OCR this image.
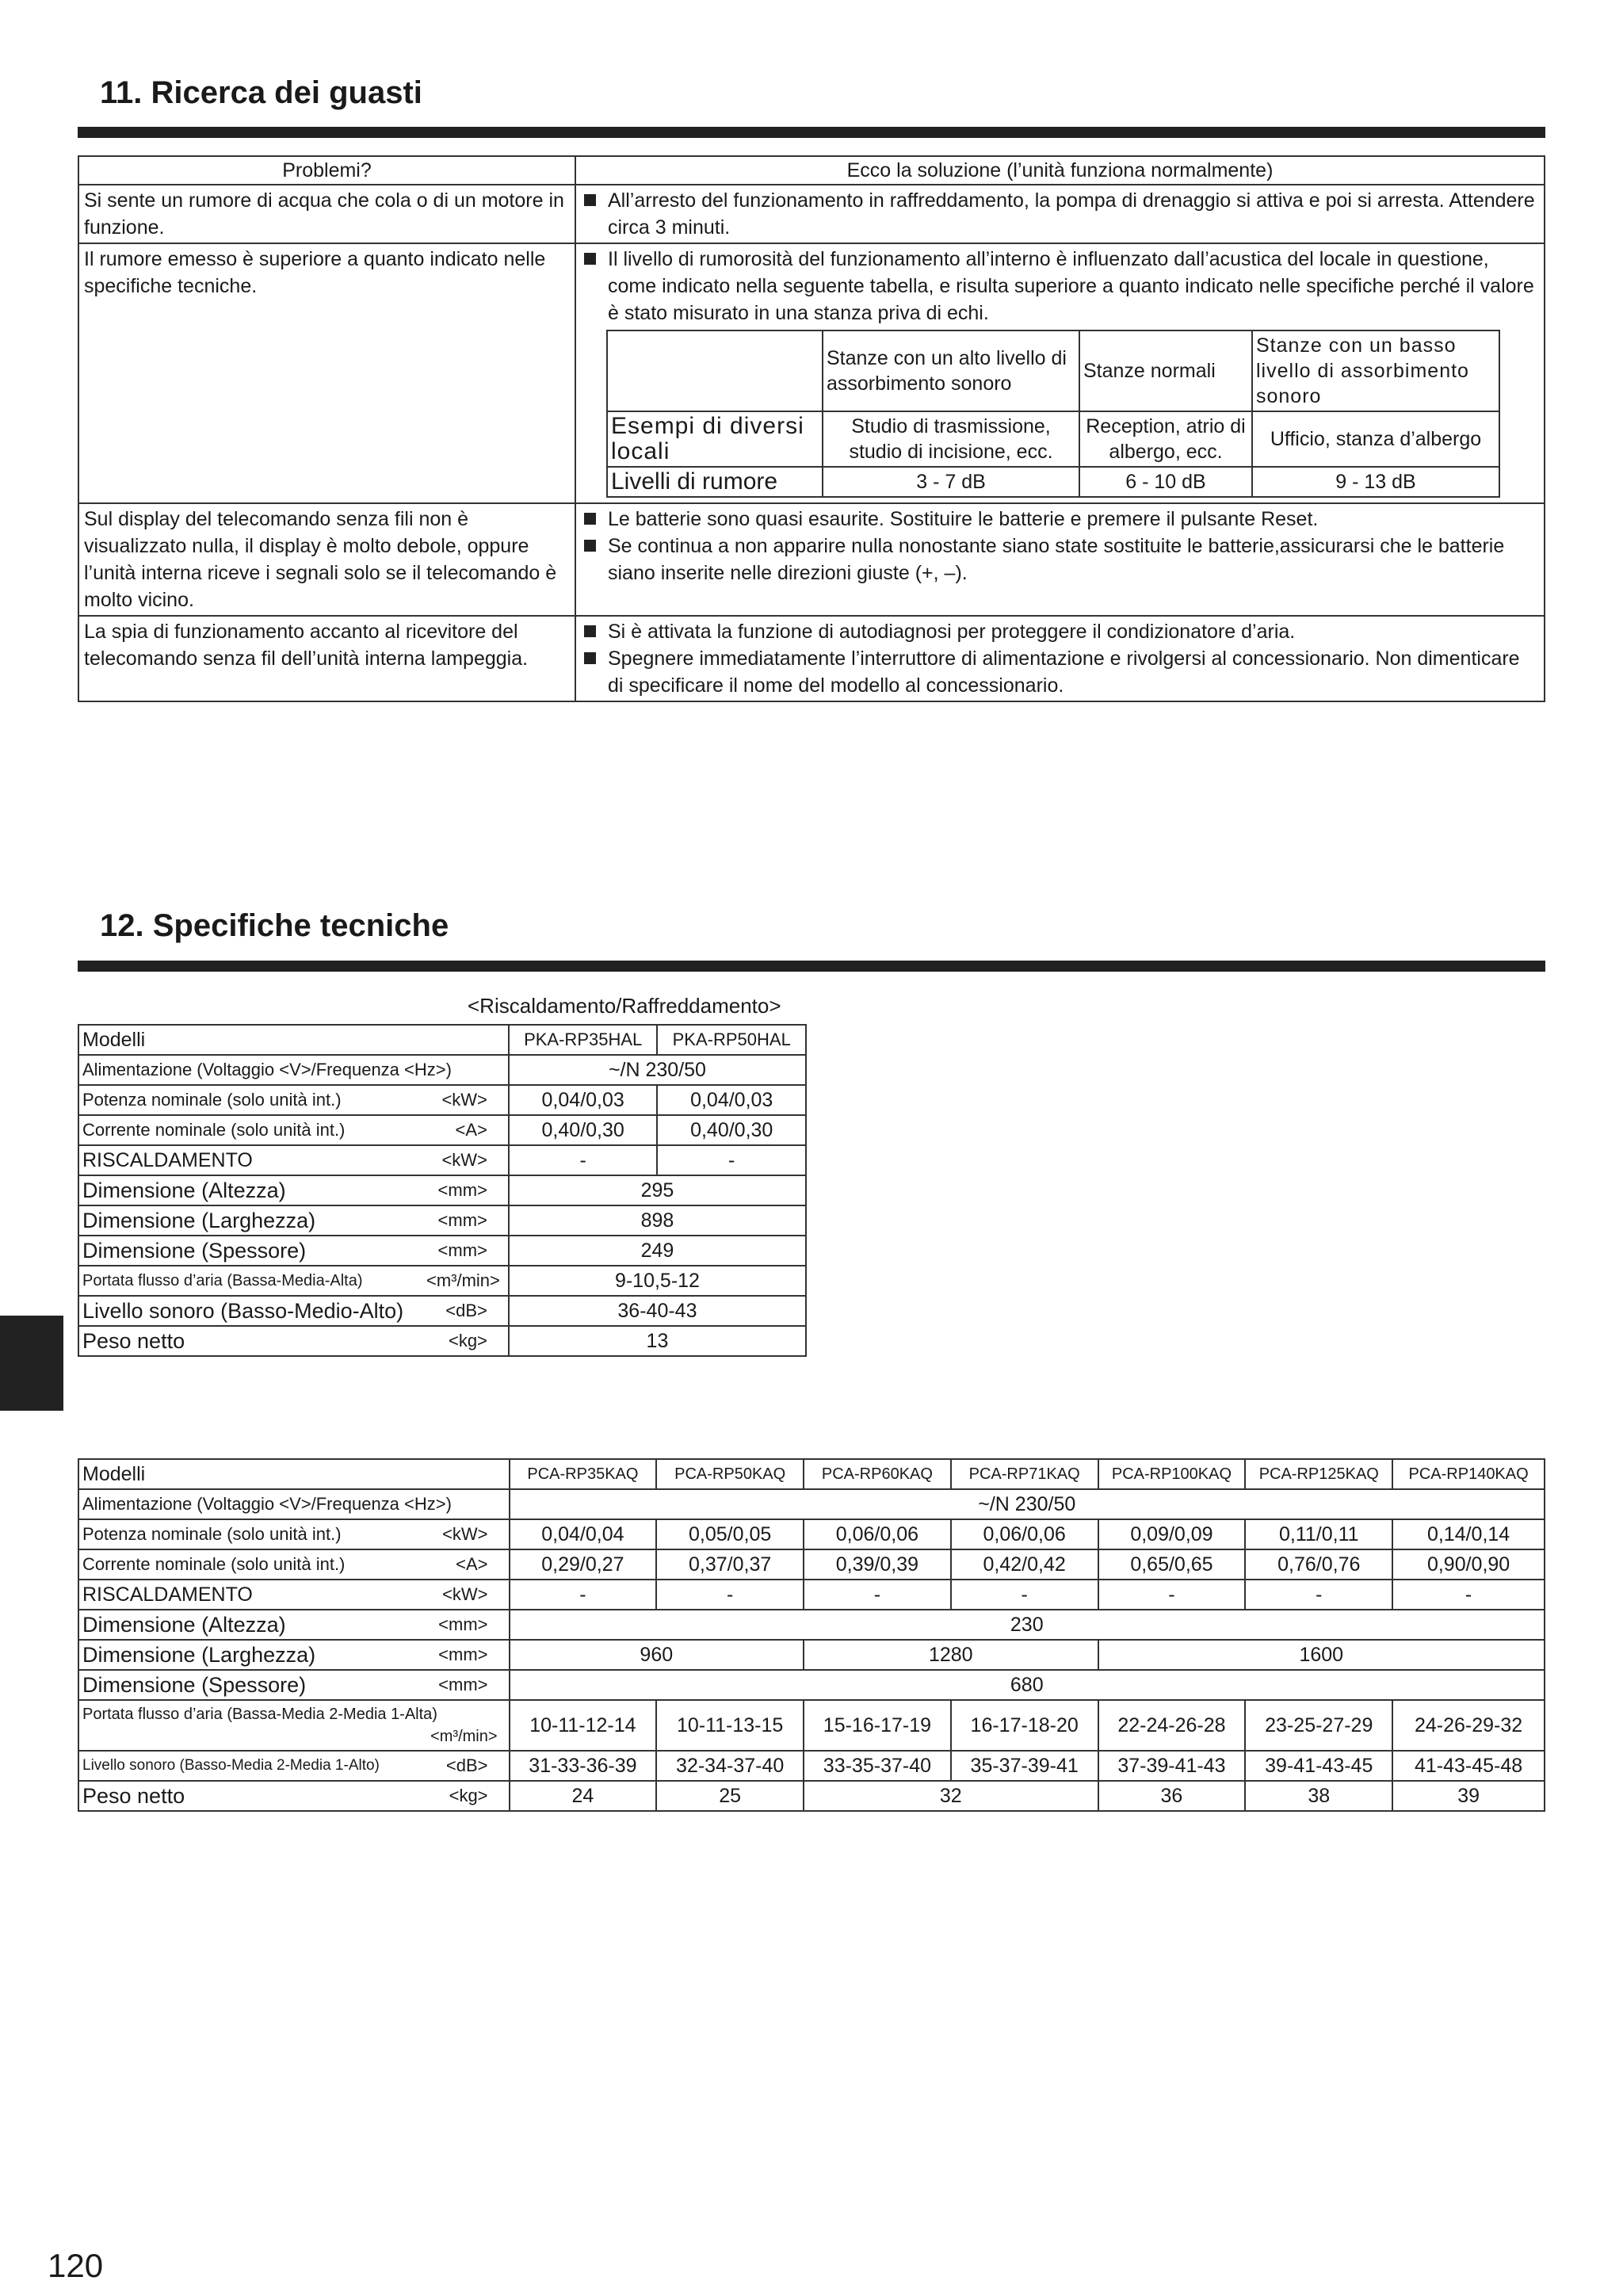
11. Ricerca dei guasti
Problemi?	Ecco la soluzione (l’unità funziona normalmente)
Si sente un rumore di acqua che cola o di un motore in funzione.	
All’arresto del funzionamento in raffreddamento, la pompa di drenaggio si attiva e poi si arresta. Attendere circa 3 minuti.

Il rumore emesso è superiore a quanto indicato nelle specifiche tecniche.	
Il livello di rumorosità del funzionamento all’interno è influenzato dall’acustica del locale in questione, come indicato nella seguente tabella, e risulta superiore a quanto indicato nelle specifiche perché il valore è stato misurato in una stanza priva di echi.
	Stanze con un alto livello di assorbimento sonoro	Stanze normali	Stanze con un basso livello di assorbimento sonoro
Esempi di diversi locali	Studio di trasmissione, studio di incisione, ecc.	Reception, atrio di albergo, ecc.	Ufficio, stanza d’albergo
Livelli di rumore	3 - 7 dB	6 - 10 dB	9 - 13 dB

Sul display del telecomando senza fili non è visualizzato nulla, il display è molto debole, oppure l’unità interna riceve i segnali solo se il telecomando è molto vicino.	
Le batterie sono quasi esaurite. Sostituire le batterie e premere il pulsante Reset.
Se continua a non apparire nulla nonostante siano state sostituite le batterie,assicurarsi che le batterie siano inserite nelle direzioni giuste (+, –).

La spia di funzionamento accanto al ricevitore del telecomando senza fil dell’unità interna lampeggia.	
Si è attivata la funzione di autodiagnosi per proteggere il condizionatore d’aria.
Spegnere immediatamente l’interruttore di alimentazione e rivolgersi al concessionario. Non dimenticare di specificare il nome del modello al concessionario.
12. Specifiche tecniche
<Riscaldamento/Raffreddamento>
Modelli	PKA-RP35HAL	PKA-RP50HAL
Alimentazione (Voltaggio <V>/Frequenza <Hz>)	~/N 230/50	
Potenza nominale (solo unità int.) <kW>	0,04/0,03	0,04/0,03
Corrente nominale (solo unità int.) <A>	0,40/0,30	0,40/0,30
RISCALDAMENTO <kW>	-	-
Dimensione (Altezza) <mm>	295	
Dimensione (Larghezza) <mm>	898	
Dimensione (Spessore) <mm>	249	
Portata flusso d’aria (Bassa-Media-Alta) <m³/min>	9-10,5-12	
Livello sonoro (Basso-Medio-Alto) <dB>	36-40-43	
Peso netto <kg>	13	
Modelli	PCA-RP35KAQ	PCA-RP50KAQ	PCA-RP60KAQ	PCA-RP71KAQ	PCA-RP100KAQ	PCA-RP125KAQ	PCA-RP140KAQ
Alimentazione (Voltaggio <V>/Frequenza <Hz>)	~/N 230/50						
Potenza nominale (solo unità int.) <kW>	0,04/0,04	0,05/0,05	0,06/0,06	0,06/0,06	0,09/0,09	0,11/0,11	0,14/0,14
Corrente nominale (solo unità int.) <A>	0,29/0,27	0,37/0,37	0,39/0,39	0,42/0,42	0,65/0,65	0,76/0,76	0,90/0,90
RISCALDAMENTO <kW>	-	-	-	-	-	-	-
Dimensione (Altezza) <mm>	230						
Dimensione (Larghezza) <mm>	960		1280		1600		
Dimensione (Spessore) <mm>	680						

Portata flusso d’aria (Bassa-Media 2-Media 1-Alta)
<m³/min>	10-11-12-14	10-11-13-15	15-16-17-19	16-17-18-20	22-24-26-28	23-25-27-29	24-26-29-32
Livello sonoro (Basso-Media 2-Media 1-Alto) <dB>	31-33-36-39	32-34-37-40	33-35-37-40	35-37-39-41	37-39-41-43	39-41-43-45	41-43-45-48
Peso netto <kg>	24	25	32		36	38	39
120
